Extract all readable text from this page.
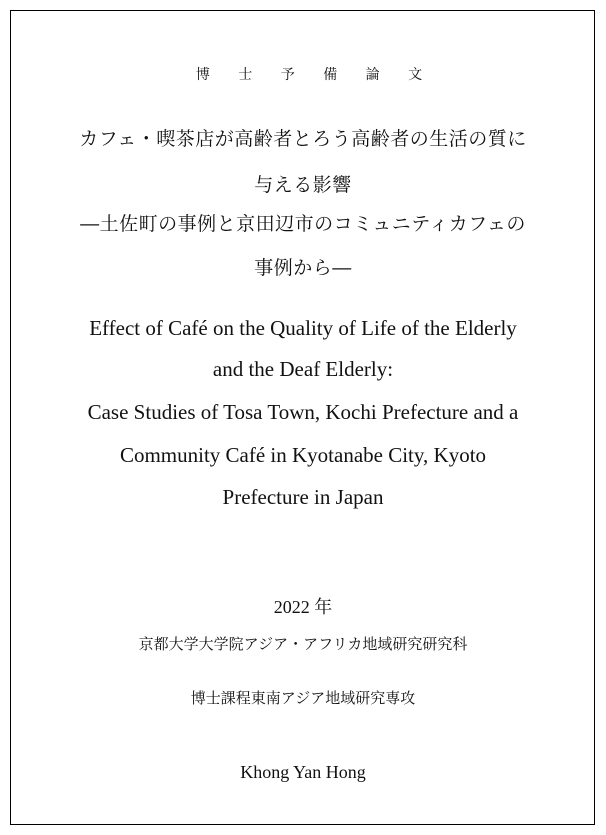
博 士 予 備 論 文
カフェ・喫茶店が高齢者とろう高齢者の生活の質に
与える影響
―土佐町の事例と京田辺市のコミュニティカフェの
事例から―
Effect of Café on the Quality of Life of the Elderly
and the Deaf Elderly:
Case Studies of Tosa Town, Kochi Prefecture and a
Community Café in Kyotanabe City, Kyoto
Prefecture in Japan
2022 年
京都大学大学院アジア・アフリカ地域研究研究科
博士課程東南アジア地域研究専攻
Khong Yan Hong
